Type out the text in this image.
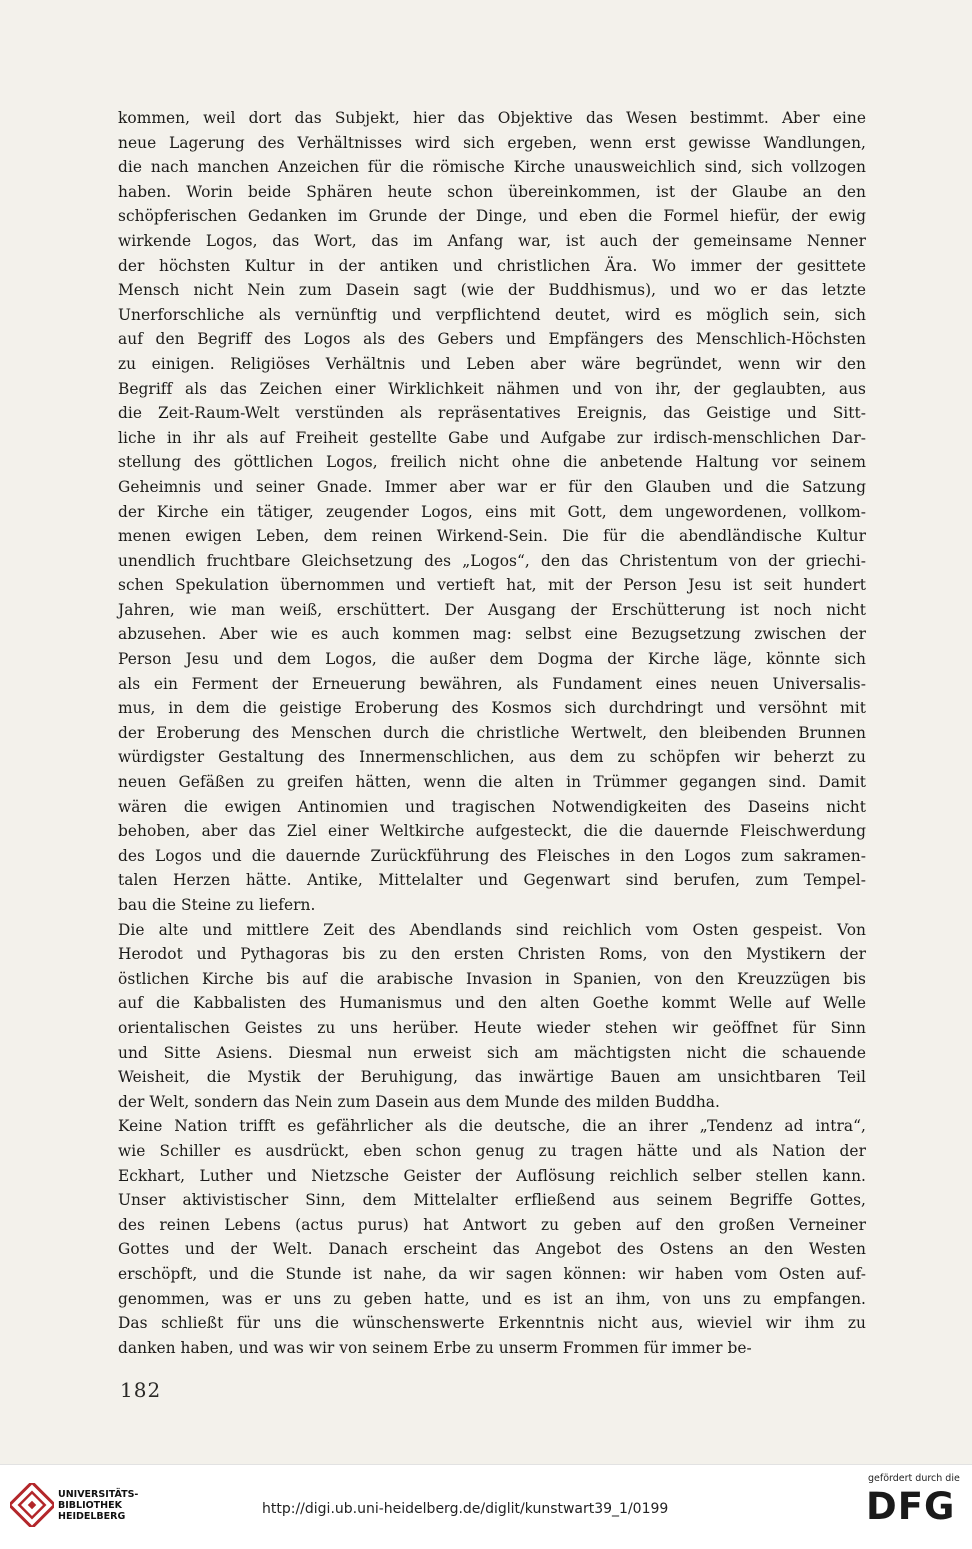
kommen, weil dort das Subjekt, hier das Objektive das Wesen bestimmt. Aber eine
neue Lagerung des Verhältnisses wird sich ergeben, wenn erst gewisse Wandlungen,
die nach manchen Anzeichen für die römische Kirche unausweichlich sind, sich vollzogen
haben. Worin beide Sphären heute schon übereinkommen, ist der Glaube an den
schöpferischen Gedanken im Grunde der Dinge, und eben die Formel hiefür, der ewig
wirkende Logos, das Wort, das im Anfang war, ist auch der gemeinsame Nenner
der höchsten Kultur in der antiken und christlichen Ära. Wo immer der gesittete
Mensch nicht Nein zum Dasein sagt (wie der Buddhismus), und wo er das letzte
Unerforschliche als vernünftig und verpflichtend deutet, wird es möglich sein, sich
auf den Begriff des Logos als des Gebers und Empfängers des Menschlich-Höchsten
zu einigen. Religiöses Verhältnis und Leben aber wäre begründet, wenn wir den
Begriff als das Zeichen einer Wirklichkeit nähmen und von ihr, der geglaubten, aus
die Zeit-Raum-Welt verstünden als repräsentatives Ereignis, das Geistige und Sitt-
liche in ihr als auf Freiheit gestellte Gabe und Aufgabe zur irdisch-menschlichen Dar-
stellung des göttlichen Logos, freilich nicht ohne die anbetende Haltung vor seinem
Geheimnis und seiner Gnade. Immer aber war er für den Glauben und die Satzung
der Kirche ein tätiger, zeugender Logos, eins mit Gott, dem ungewordenen, vollkom-
menen ewigen Leben, dem reinen Wirkend-Sein. Die für die abendländische Kultur
unendlich fruchtbare Gleichsetzung des „Logos“, den das Christentum von der griechi-
schen Spekulation übernommen und vertieft hat, mit der Person Jesu ist seit hundert
Jahren, wie man weiß, erschüttert. Der Ausgang der Erschütterung ist noch nicht
abzusehen. Aber wie es auch kommen mag: selbst eine Bezugsetzung zwischen der
Person Jesu und dem Logos, die außer dem Dogma der Kirche läge, könnte sich
als ein Ferment der Erneuerung bewähren, als Fundament eines neuen Universalis-
mus, in dem die geistige Eroberung des Kosmos sich durchdringt und versöhnt mit
der Eroberung des Menschen durch die christliche Wertwelt, den bleibenden Brunnen
würdigster Gestaltung des Innermenschlichen, aus dem zu schöpfen wir beherzt zu
neuen Gefäßen zu greifen hätten, wenn die alten in Trümmer gegangen sind. Damit
wären die ewigen Antinomien und tragischen Notwendigkeiten des Daseins nicht
behoben, aber das Ziel einer Weltkirche aufgesteckt, die die dauernde Fleischwerdung
des Logos und die dauernde Zurückführung des Fleisches in den Logos zum sakramen-
talen Herzen hätte. Antike, Mittelalter und Gegenwart sind berufen, zum Tempel-
bau die Steine zu liefern.
Die alte und mittlere Zeit des Abendlands sind reichlich vom Osten gespeist. Von
Herodot und Pythagoras bis zu den ersten Christen Roms, von den Mystikern der
östlichen Kirche bis auf die arabische Invasion in Spanien, von den Kreuzzügen bis
auf die Kabbalisten des Humanismus und den alten Goethe kommt Welle auf Welle
orientalischen Geistes zu uns herüber. Heute wieder stehen wir geöffnet für Sinn
und Sitte Asiens. Diesmal nun erweist sich am mächtigsten nicht die schauende
Weisheit, die Mystik der Beruhigung, das inwärtige Bauen am unsichtbaren Teil
der Welt, sondern das Nein zum Dasein aus dem Munde des milden Buddha.
Keine Nation trifft es gefährlicher als die deutsche, die an ihrer „Tendenz ad intra“,
wie Schiller es ausdrückt, eben schon genug zu tragen hätte und als Nation der
Eckhart, Luther und Nietzsche Geister der Auflösung reichlich selber stellen kann.
Unser aktivistischer Sinn, dem Mittelalter erfließend aus seinem Begriffe Gottes,
des reinen Lebens (actus purus) hat Antwort zu geben auf den großen Verneiner
Gottes und der Welt. Danach erscheint das Angebot des Ostens an den Westen
erschöpft, und die Stunde ist nahe, da wir sagen können: wir haben vom Osten auf-
genommen, was er uns zu geben hatte, und es ist an ihm, von uns zu empfangen.
Das schließt für uns die wünschenswerte Erkenntnis nicht aus, wieviel wir ihm zu
danken haben, und was wir von seinem Erbe zu unserm Frommen für immer be-
182
UNIVERSITÄTS-
BIBLIOTHEK
HEIDELBERG	http://digi.ub.uni-heidelberg.de/diglit/kunstwart39_1/0199
gefördert durch die
DFG
